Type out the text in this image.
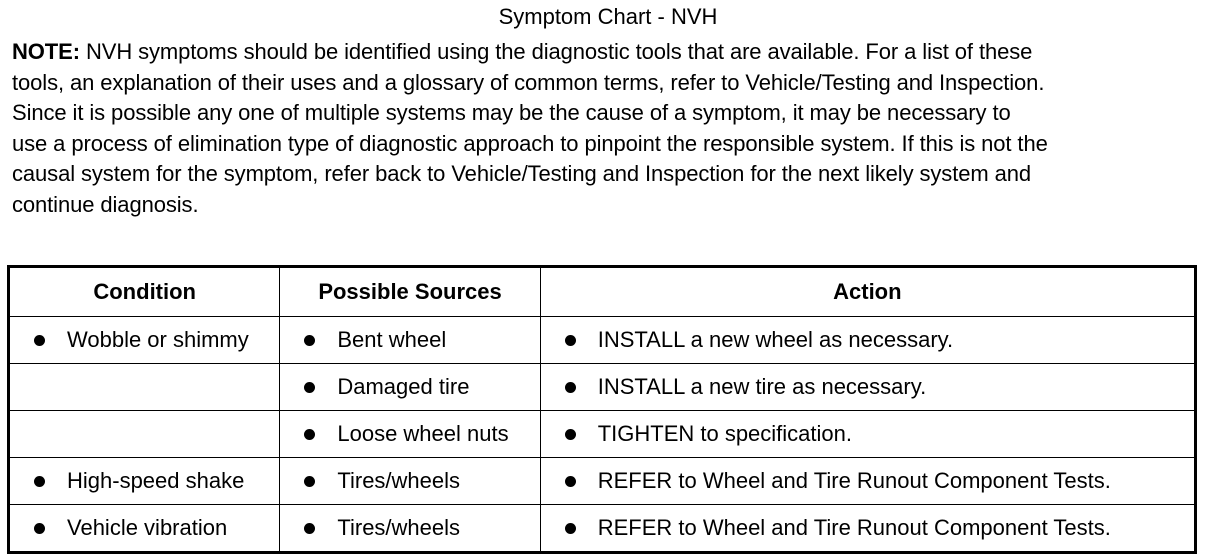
Symptom Chart - NVH
NOTE: NVH symptoms should be identified using the diagnostic tools that are available. For a list of these
tools, an explanation of their uses and a glossary of common terms, refer to Vehicle/Testing and Inspection.
Since it is possible any one of multiple systems may be the cause of a symptom, it may be necessary to
use a process of elimination type of diagnostic approach to pinpoint the responsible system. If this is not the
causal system for the symptom, refer back to Vehicle/Testing and Inspection for the next likely system and
continue diagnosis.
Condition	Possible Sources	Action

Wobble or shimmy	Bent wheel	INSTALL a new wheel as necessary.

	Damaged tire	INSTALL a new tire as necessary.

	Loose wheel nuts	TIGHTEN to specification.

High-speed shake	Tires/wheels	REFER to Wheel and Tire Runout Component Tests.

Vehicle vibration	Tires/wheels	REFER to Wheel and Tire Runout Component Tests.
